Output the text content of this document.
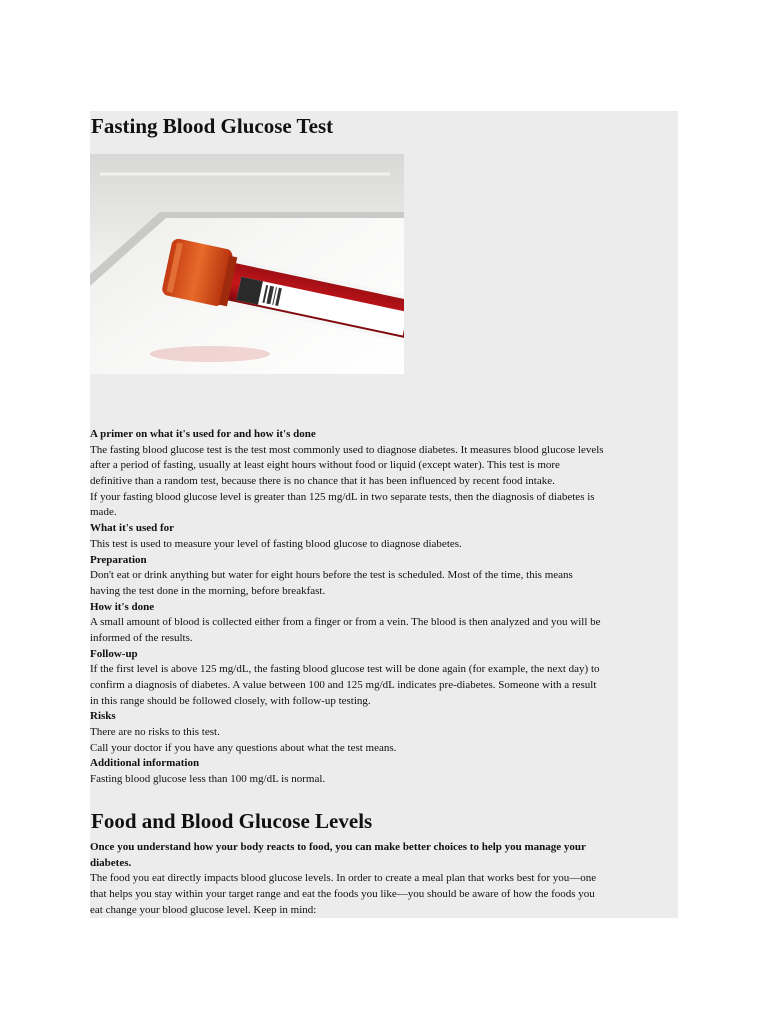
Fasting Blood Glucose Test
A primer on what it's used for and how it's done
The fasting blood glucose test is the test most commonly used to diagnose diabetes. It measures blood glucose levels
after a period of fasting, usually at least eight hours without food or liquid (except water). This test is more
definitive than a random test, because there is no chance that it has been influenced by recent food intake.
If your fasting blood glucose level is greater than 125 mg/dL in two separate tests, then the diagnosis of diabetes is
made.
What it's used for
This test is used to measure your level of fasting blood glucose to diagnose diabetes.
Preparation
Don't eat or drink anything but water for eight hours before the test is scheduled. Most of the time, this means
having the test done in the morning, before breakfast.
How it's done
A small amount of blood is collected either from a finger or from a vein. The blood is then analyzed and you will be
informed of the results.
Follow-up
If the first level is above 125 mg/dL, the fasting blood glucose test will be done again (for example, the next day) to
confirm a diagnosis of diabetes. A value between 100 and 125 mg/dL indicates pre-diabetes. Someone with a result
in this range should be followed closely, with follow-up testing.
Risks
There are no risks to this test.
Call your doctor if you have any questions about what the test means.
Additional information
Fasting blood glucose less than 100 mg/dL is normal.
Food and Blood Glucose Levels
Once you understand how your body reacts to food, you can make better choices to help you manage your
diabetes.
The food you eat directly impacts blood glucose levels. In order to create a meal plan that works best for you—one
that helps you stay within your target range and eat the foods you like—you should be aware of how the foods you
eat change your blood glucose level. Keep in mind:
